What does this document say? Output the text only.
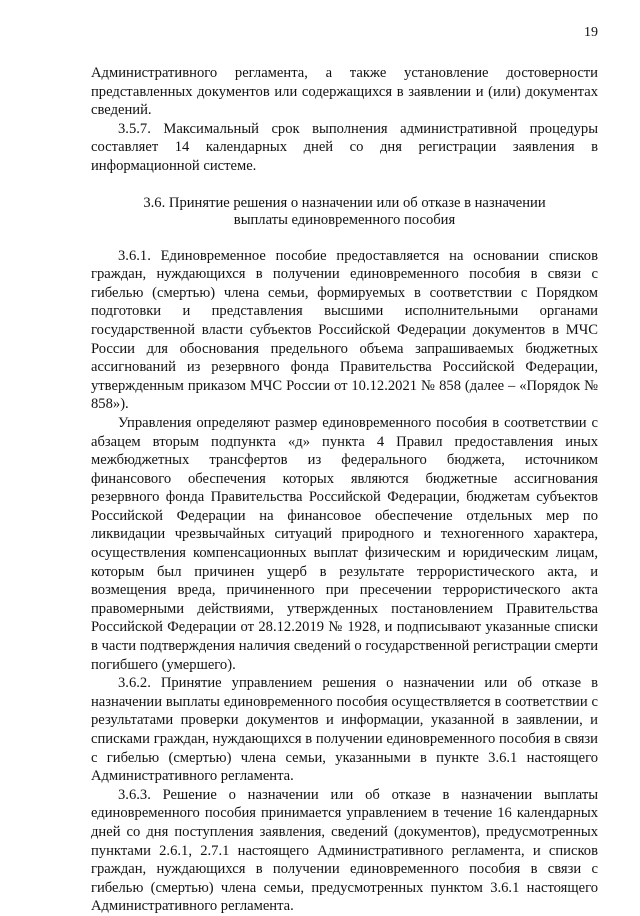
19

Административного регламента, а также установление достоверности представленных документов или содержащихся в заявлении и (или) документах сведений.

3.5.7. Максимальный срок выполнения административной процедуры составляет 14 календарных дней со дня регистрации заявления в информационной системе.

3.6. Принятие решения о назначении или об отказе в назначении выплаты единовременного пособия

3.6.1. Единовременное пособие предоставляется на основании списков граждан, нуждающихся в получении единовременного пособия в связи с гибелью (смертью) члена семьи, формируемых в соответствии с Порядком подготовки и представления высшими исполнительными органами государственной власти субъектов Российской Федерации документов в МЧС России для обоснования предельного объема запрашиваемых бюджетных ассигнований из резервного фонда Правительства Российской Федерации, утвержденным приказом МЧС России от 10.12.2021 № 858 (далее – «Порядок № 858»).

Управления определяют размер единовременного пособия в соответствии с абзацем вторым подпункта «д» пункта 4 Правил предоставления иных межбюджетных трансфертов из федерального бюджета, источником финансового обеспечения которых являются бюджетные ассигнования резервного фонда Правительства Российской Федерации, бюджетам субъектов Российской Федерации на финансовое обеспечение отдельных мер по ликвидации чрезвычайных ситуаций природного и техногенного характера, осуществления компенсационных выплат физическим и юридическим лицам, которым был причинен ущерб в результате террористического акта, и возмещения вреда, причиненного при пресечении террористического акта правомерными действиями, утвержденных постановлением Правительства Российской Федерации от 28.12.2019 № 1928, и подписывают указанные списки в части подтверждения наличия сведений о государственной регистрации смерти погибшего (умершего).

3.6.2. Принятие управлением решения о назначении или об отказе в назначении выплаты единовременного пособия осуществляется в соответствии с результатами проверки документов и информации, указанной в заявлении, и списками граждан, нуждающихся в получении единовременного пособия в связи с гибелью (смертью) члена семьи, указанными в пункте 3.6.1 настоящего Административного регламента.

3.6.3. Решение о назначении или об отказе в назначении выплаты единовременного пособия принимается управлением в течение 16 календарных дней со дня поступления заявления, сведений (документов), предусмотренных пунктами 2.6.1, 2.7.1 настоящего Административного регламента, и списков граждан, нуждающихся в получении единовременного пособия в связи с гибелью (смертью) члена семьи, предусмотренных пунктом 3.6.1 настоящего Административного регламента.
